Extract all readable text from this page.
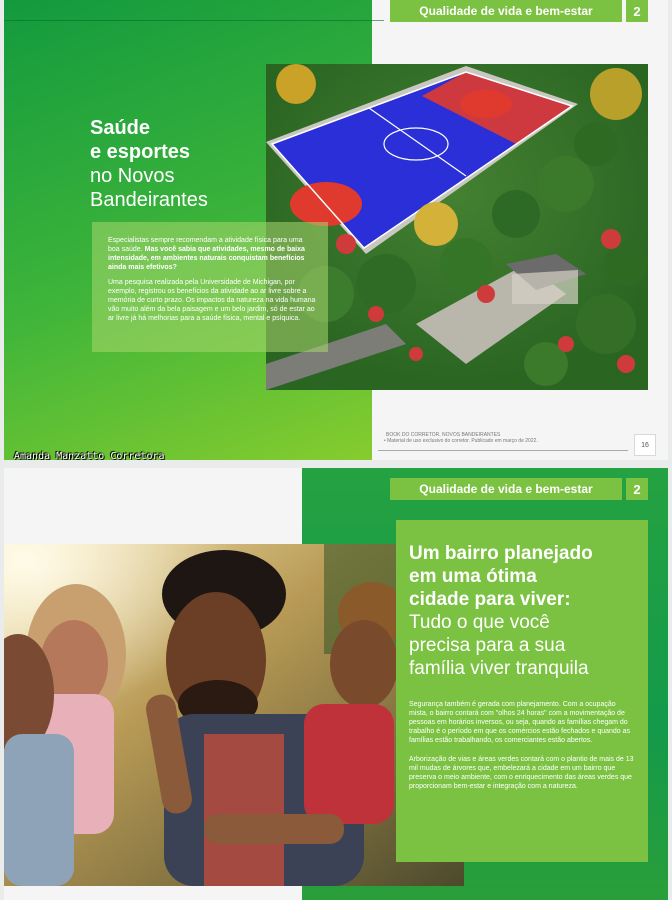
Qualidade de vida e bem-estar	2
Saúde
e esportes
no Novos
Bandeirantes

Especialistas sempre recomendam a atividade física para uma boa saúde. Mas você sabia que atividades, mesmo de baixa intensidade, em ambientes naturais conquistam benefícios ainda mais efetivos?

Uma pesquisa realizada pela Universidade de Michigan, por exemplo, registrou os benefícios da atividade ao ar livre sobre a memória de curto prazo. Os impactos da natureza na vida humana vão muito além da bela paisagem e um belo jardim, só de estar ao ar livre já há melhorias para a saúde física, mental e psíquica.

BOOK DO CORRETOR, NOVOS BANDEIRANTES
• Material de uso exclusivo do corretor. Publicado em março de 2022.
16
Amanda Manzatto Corretora
Qualidade de vida e bem-estar	2
Um bairro planejado
em uma ótima
cidade para viver:
Tudo o que você
precisa para a sua
família viver tranquila

Segurança também é gerada com planejamento. Com a ocupação mista, o bairro contará com "olhos 24 horas" com a movimentação de pessoas em horários inversos, ou seja, quando as famílias chegam do trabalho é o período em que os comércios estão fechados e quando as famílias estão trabalhando, os comerciantes estão abertos.

Arborização de vias e áreas verdes contará com o plantio de mais de 13 mil mudas de árvores que, embelezará a cidade em um bairro que preserva o meio ambiente, com o enriquecimento das áreas verdes que proporcionam bem-estar e integração com a natureza.
